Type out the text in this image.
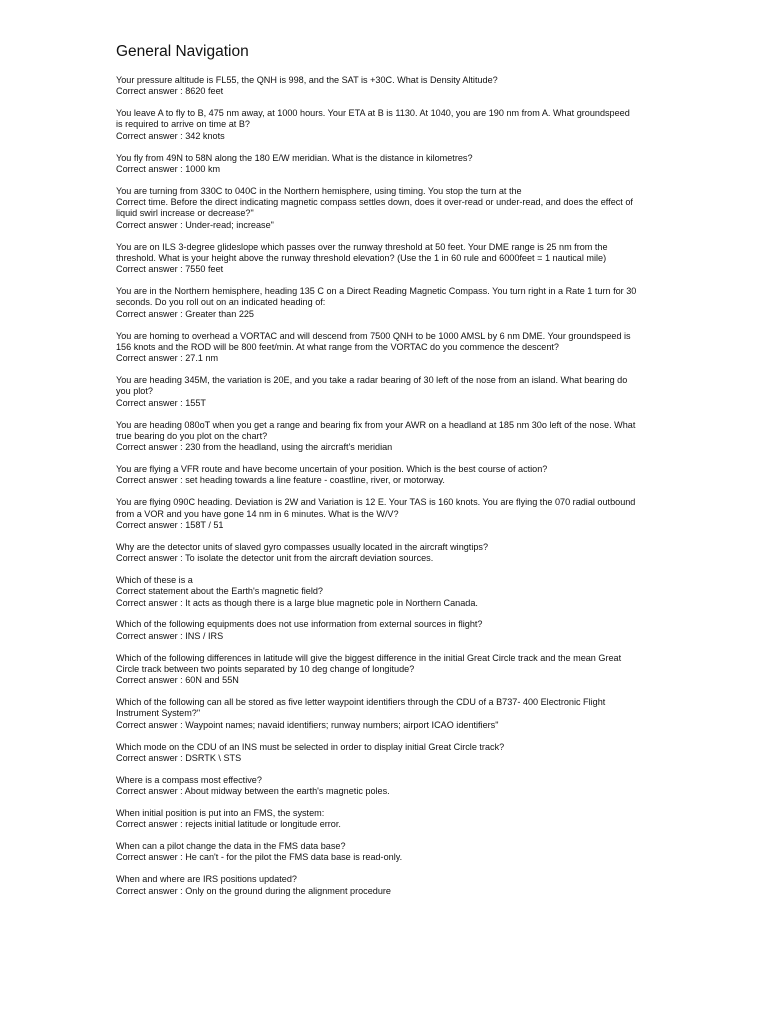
General Navigation
Your pressure altitude is FL55, the QNH is 998, and the SAT is +30C. What is Density Altitude?
Correct answer : 8620 feet
You leave A to fly to B, 475 nm away, at 1000 hours. Your ETA at B is 1130. At 1040, you are 190 nm from A. What groundspeed
is required to arrive on time at B?
Correct answer : 342 knots
You fly from 49N to 58N along the 180 E/W meridian. What is the distance in kilometres?
Correct answer : 1000 km
You are turning from 330C to 040C in the Northern hemisphere, using timing. You stop the turn at the
Correct time. Before the direct indicating magnetic compass settles down, does it over-read or under-read, and does the effect of
liquid swirl increase or decrease?"
Correct answer : Under-read; increase"
You are on ILS 3-degree glideslope which passes over the runway threshold at 50 feet. Your DME range is 25 nm from the
threshold. What is your height above the runway threshold elevation? (Use the 1 in 60 rule and 6000feet = 1 nautical mile)
Correct answer : 7550 feet
You are in the Northern hemisphere, heading 135 C on a Direct Reading Magnetic Compass. You turn right in a Rate 1 turn for 30
seconds. Do you roll out on an indicated heading of:
Correct answer : Greater than 225
You are homing to overhead a VORTAC and will descend from 7500 QNH to be 1000 AMSL by 6 nm DME. Your groundspeed is
156 knots and the ROD will be 800 feet/min. At what range from the VORTAC do you commence the descent?
Correct answer : 27.1 nm
You are heading 345M, the variation is 20E, and you take a radar bearing of 30 left of the nose from an island. What bearing do
you plot?
Correct answer : 155T
You are heading 080oT when you get a range and bearing fix from your AWR on a headland at 185 nm 30o left of the nose. What
true bearing do you plot on the chart?
Correct answer : 230 from the headland, using the aircraft's meridian
You are flying a VFR route and have become uncertain of your position. Which is the best course of action?
Correct answer : set heading towards a line feature - coastline, river, or motorway.
You are flying 090C heading. Deviation is 2W and Variation is 12 E. Your TAS is 160 knots. You are flying the 070 radial outbound
from a VOR and you have gone 14 nm in 6 minutes. What is the W/V?
Correct answer : 158T / 51
Why are the detector units of slaved gyro compasses usually located in the aircraft wingtips?
Correct answer : To isolate the detector unit from the aircraft deviation sources.
Which of these is a
Correct statement about the Earth's magnetic field?
Correct answer : It acts as though there is a large blue magnetic pole in Northern Canada.
Which of the following equipments does not use information from external sources in flight?
Correct answer : INS / IRS
Which of the following differences in latitude will give the biggest difference in the initial Great Circle track and the mean Great
Circle track between two points separated by 10 deg change of longitude?
Correct answer : 60N and 55N
Which of the following can all be stored as five letter waypoint identifiers through the CDU of a B737- 400 Electronic Flight
Instrument System?"
Correct answer : Waypoint names; navaid identifiers; runway numbers; airport ICAO identifiers"
Which mode on the CDU of an INS must be selected in order to display initial Great Circle track?
Correct answer : DSRTK \ STS
Where is a compass most effective?
Correct answer : About midway between the earth's magnetic poles.
When initial position is put into an FMS, the system:
Correct answer : rejects initial latitude or longitude error.
When can a pilot change the data in the FMS data base?
Correct answer : He can't - for the pilot the FMS data base is read-only.
When and where are IRS positions updated?
Correct answer : Only on the ground during the alignment procedure
